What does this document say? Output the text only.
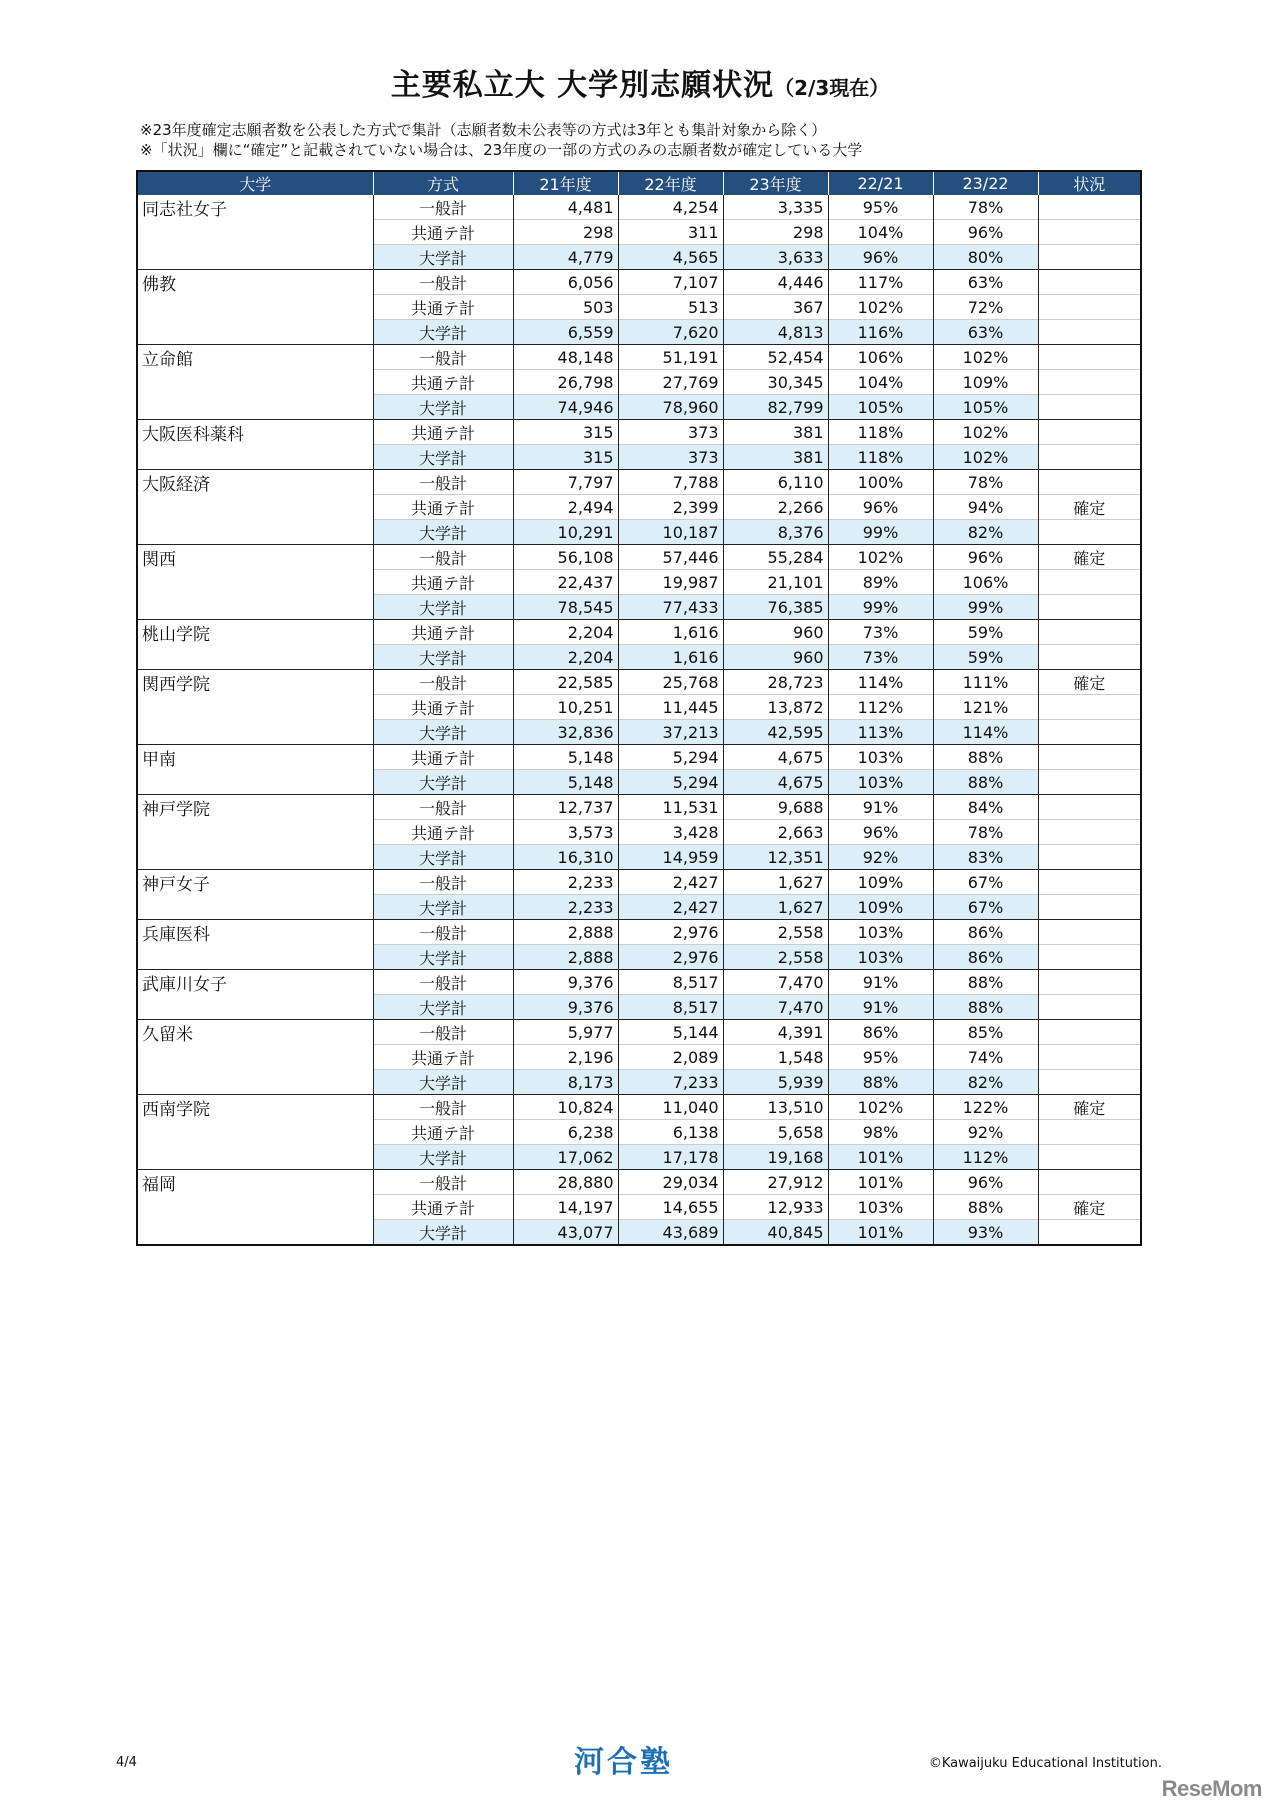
主要私立大 大学別志願状況（2/3現在）
※23年度確定志願者数を公表した方式で集計（志願者数未公表等の方式は3年とも集計対象から除く）
※「状況」欄に“確定”と記載されていない場合は、23年度の一部の方式のみの志願者数が確定している大学
大学	方式	21年度	22年度	23年度	22/21	23/22	状況
同志社女子	一般計	4,481	4,254	3,335	95%	78%	
	共通テ計	298	311	298	104%	96%	
	大学計	4,779	4,565	3,633	96%	80%	
佛教	一般計	6,056	7,107	4,446	117%	63%	
	共通テ計	503	513	367	102%	72%	
	大学計	6,559	7,620	4,813	116%	63%	
立命館	一般計	48,148	51,191	52,454	106%	102%	
	共通テ計	26,798	27,769	30,345	104%	109%	
	大学計	74,946	78,960	82,799	105%	105%	
大阪医科薬科	共通テ計	315	373	381	118%	102%	
	大学計	315	373	381	118%	102%	
大阪経済	一般計	7,797	7,788	6,110	100%	78%	
	共通テ計	2,494	2,399	2,266	96%	94%	確定
	大学計	10,291	10,187	8,376	99%	82%	
関西	一般計	56,108	57,446	55,284	102%	96%	確定
	共通テ計	22,437	19,987	21,101	89%	106%	
	大学計	78,545	77,433	76,385	99%	99%	
桃山学院	共通テ計	2,204	1,616	960	73%	59%	
	大学計	2,204	1,616	960	73%	59%	
関西学院	一般計	22,585	25,768	28,723	114%	111%	確定
	共通テ計	10,251	11,445	13,872	112%	121%	
	大学計	32,836	37,213	42,595	113%	114%	
甲南	共通テ計	5,148	5,294	4,675	103%	88%	
	大学計	5,148	5,294	4,675	103%	88%	
神戸学院	一般計	12,737	11,531	9,688	91%	84%	
	共通テ計	3,573	3,428	2,663	96%	78%	
	大学計	16,310	14,959	12,351	92%	83%	
神戸女子	一般計	2,233	2,427	1,627	109%	67%	
	大学計	2,233	2,427	1,627	109%	67%	
兵庫医科	一般計	2,888	2,976	2,558	103%	86%	
	大学計	2,888	2,976	2,558	103%	86%	
武庫川女子	一般計	9,376	8,517	7,470	91%	88%	
	大学計	9,376	8,517	7,470	91%	88%	
久留米	一般計	5,977	5,144	4,391	86%	85%	
	共通テ計	2,196	2,089	1,548	95%	74%	
	大学計	8,173	7,233	5,939	88%	82%	
西南学院	一般計	10,824	11,040	13,510	102%	122%	確定
	共通テ計	6,238	6,138	5,658	98%	92%	
	大学計	17,062	17,178	19,168	101%	112%	
福岡	一般計	28,880	29,034	27,912	101%	96%	
	共通テ計	14,197	14,655	12,933	103%	88%	確定
	大学計	43,077	43,689	40,845	101%	93%	
4/4	河合塾	©Kawaijuku Educational Institution.
ReseMom
